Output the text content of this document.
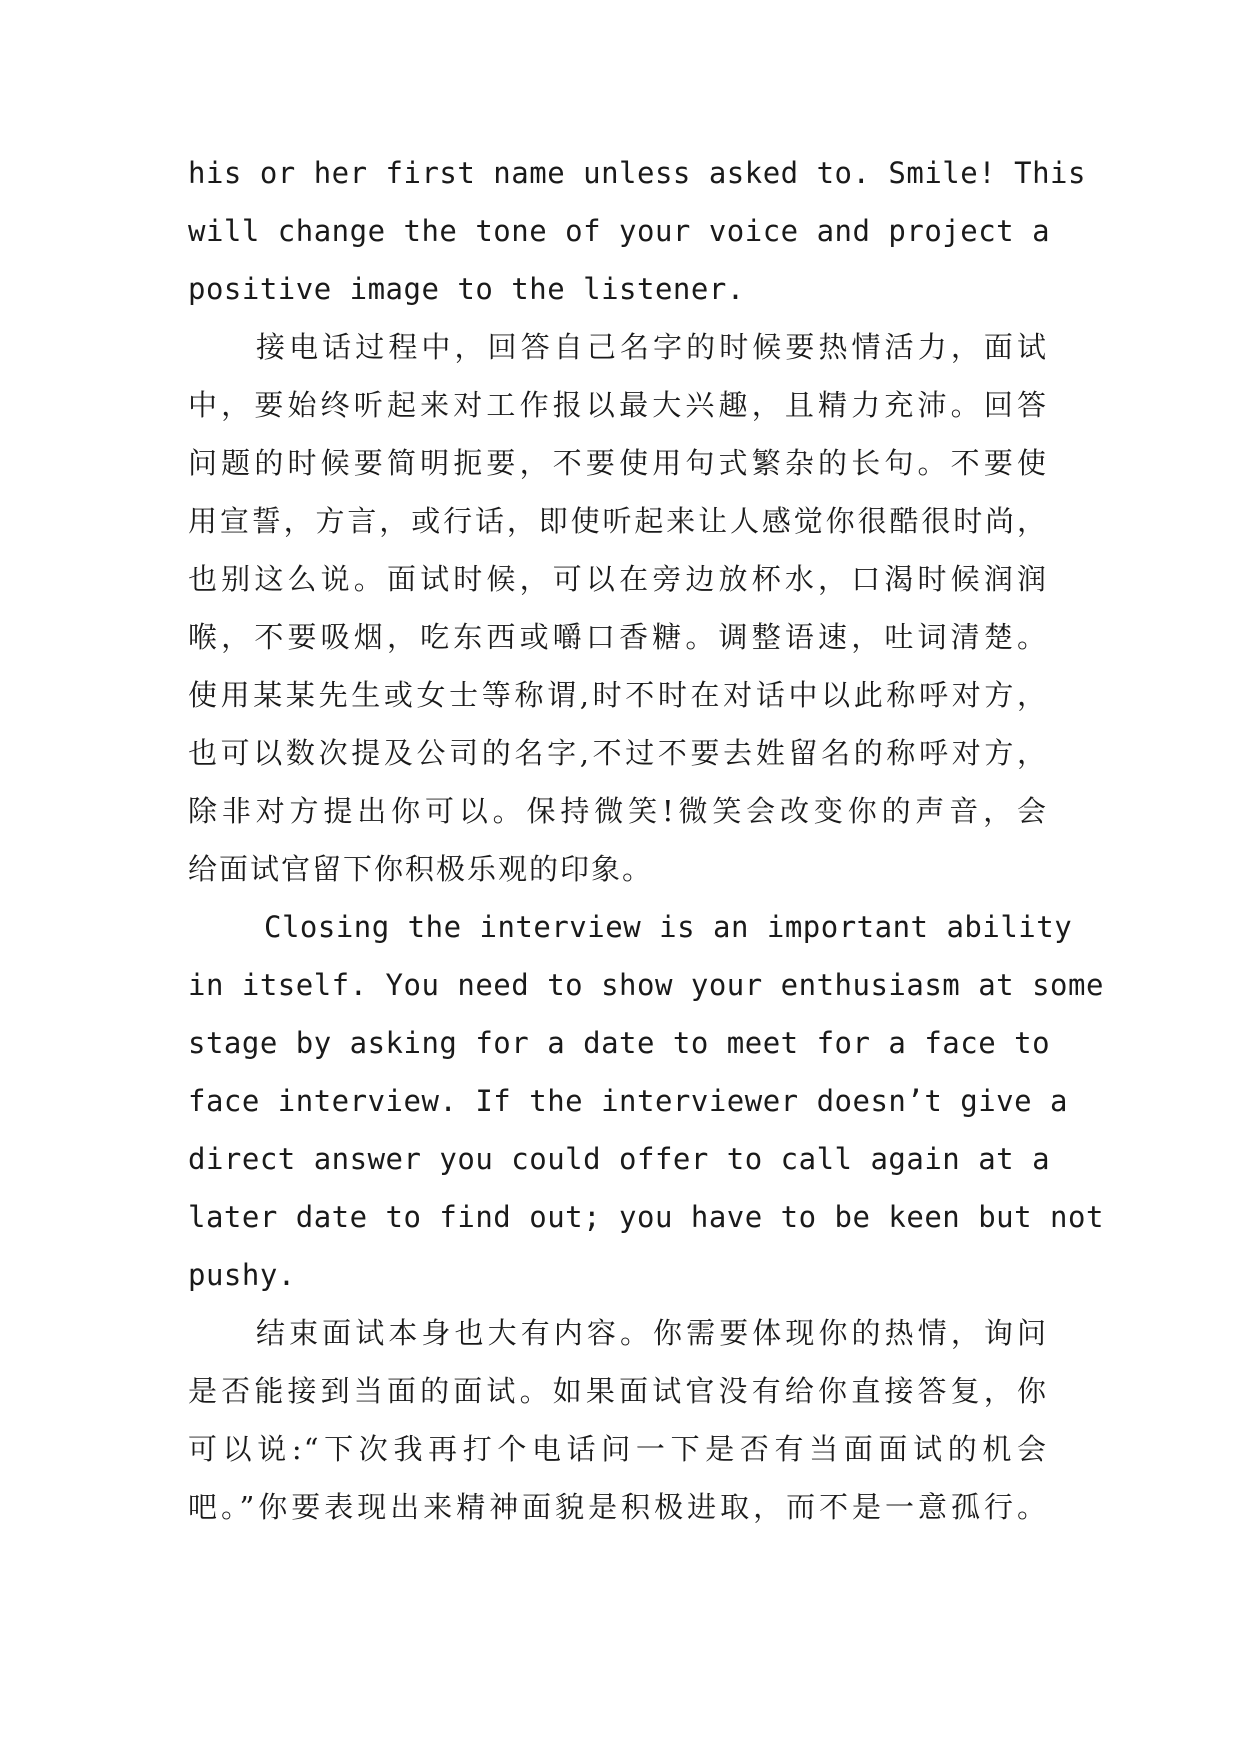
his or her first name unless asked to. Smile! This
will change the tone of your voice and project a
positive image to the listener.
接电话过程中，回答自己名字的时候要热情活力，面试
中，要始终听起来对工作报以最大兴趣，且精力充沛。回答
问题的时候要简明扼要，不要使用句式繁杂的长句。不要使
用宣誓，方言，或行话，即使听起来让人感觉你很酷很时尚，
也别这么说。面试时候，可以在旁边放杯水，口渴时候润润
喉，不要吸烟，吃东西或嚼口香糖。调整语速，吐词清楚。
使用某某先生或女士等称谓,时不时在对话中以此称呼对方，
也可以数次提及公司的名字,不过不要去姓留名的称呼对方，
除非对方提出你可以。保持微笑!微笑会改变你的声音，会
给面试官留下你积极乐观的印象。
Closing the interview is an important ability
in itself. You need to show your enthusiasm at some
stage by asking for a date to meet for a face to
face interview. If the interviewer doesn’t give a
direct answer you could offer to call again at a
later date to find out; you have to be keen but not
pushy.
结束面试本身也大有内容。你需要体现你的热情，询问
是否能接到当面的面试。如果面试官没有给你直接答复，你
可以说:“下次我再打个电话问一下是否有当面面试的机会
吧。”你要表现出来精神面貌是积极进取，而不是一意孤行。
